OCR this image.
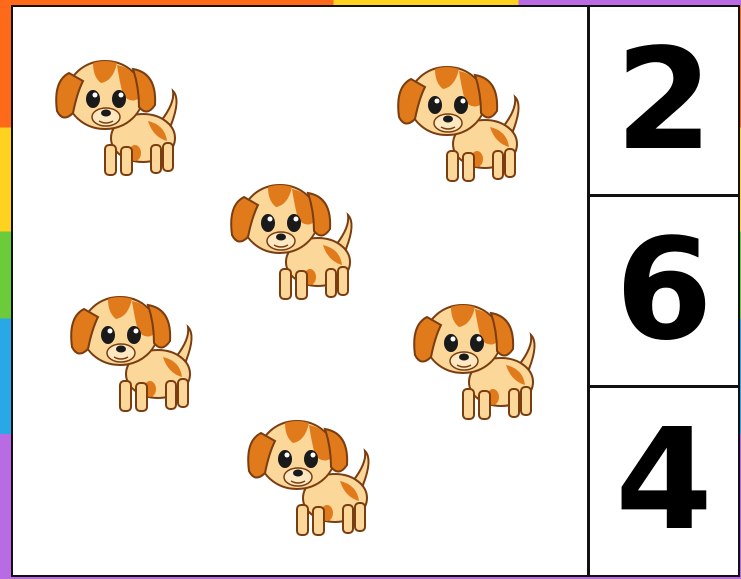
2
6
4
